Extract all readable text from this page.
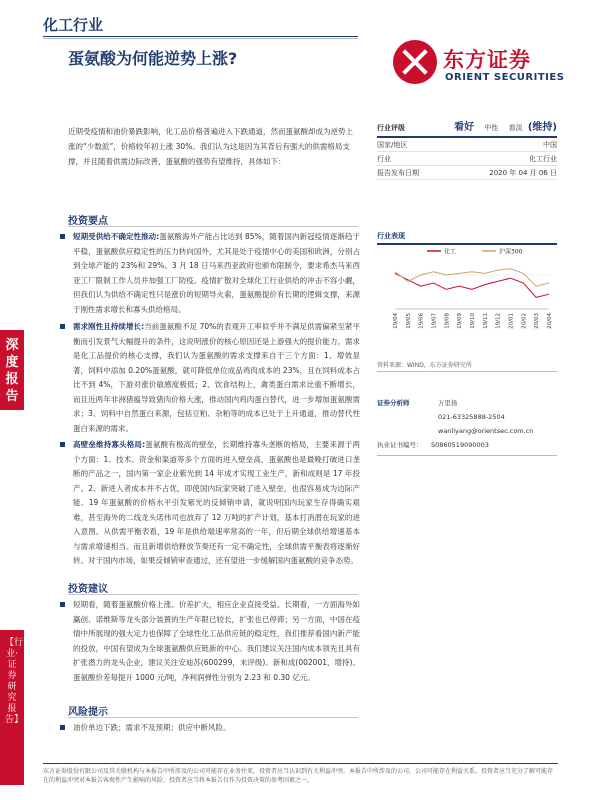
化工行业
蛋氨酸为何能逆势上涨?	东方证券
ORIENT SECURITIES
深度报告
【行业·证券研究报告】
近期受疫情和油价暴跌影响，化工品价格普遍进入下跌通道，然而蛋氨酸却成为逆势上涨的“少数派”，价格较年初上涨 30%。我们认为这是因为其背后有强大的供需格局支撑，并且随着供需边际改善，蛋氨酸的强势有望维持，具体如下：
投资要点
短期受供给不确定性推动:蛋氨酸海外产能占比达到 85%，随着国内新冠疫情逐渐趋于平稳，蛋氨酸供应稳定性的压力转向国外，尤其是处于疫情中心的美国和欧洲，分别占到全球产能的 23%和 29%。3 月 18 日马来西亚政府也颁布限制令，要求希杰马来西亚工厂限制工作人员并加强工厂防疫。疫情扩散对全球化工行业供给的冲击不容小觑，但我们认为供给不确定性只是涨价的短期导火索，蛋氨酸提价有长期的逻辑支撑，来源于刚性需求增长和寡头供给格局。
需求刚性且持续增长:当前蛋氨酸不足 70%的表观开工率似乎并不满足供需偏紧至紧平衡而引发景气大幅提升的条件，这说明涨价的核心原因还是上游强大的提价能力。需求是化工品提价的核心支撑，我们认为蛋氨酸的需求支撑来自于三个方面：1、增效显著，饲料中添加 0.20%蛋氨酸，就可降低单位成品鸡肉成本的 23%，且在饲料成本占比不到 4%，下游对涨价敏感度极低；2、饮食结构上，禽类蛋白需求比重不断增长，而且近两年非洲猪瘟导致猪肉价格大涨，推动国内鸡肉蛋白替代，进一步增加蛋氨酸需求；3、饲料中自然蛋白来源，包括豆粕、杂粕等的成本已处于上升通道，推动替代性蛋白来源的需求。
高壁垒维持寡头格局:蛋氨酸有极高的壁垒，长期维持寡头垄断的格局，主要来源于两个方面：1、技术、资金和渠道等多个方面的进入壁垒高，蛋氨酸也是最晚打破进口垄断的产品之一，国内第一家企业紫光到 14 年成才实现工业生产，新和成则是 17 年投产。2、新进入者成本并不占优，即使国内玩家突破了进入壁垒，也很容易成为边际产能。19 年蛋氨酸的价格水平引发紫光的反倾销申请，就说明国内玩家生存得确实艰难，甚至海外的二线龙头诺伟司也放弃了 12 万吨的扩产计划，基本打消潜在玩家的进入意图。从供需平衡表看，19 年是供给端速率常高的一年，但后期全球供给增速基本与需求增速相当。而且新增供给释放节奏还有一定不确定性，全球供需平衡表将逐渐好转。对于国内市场，如果反倾销审查通过，还有望进一步缓解国内蛋氨酸的竞争态势。
投资建议
短期看，随着蛋氨酸价格上涨、价差扩大，相应企业直接受益。长期看，一方面海外如赢创、诺维斯等龙头部分装置的生产年限已较长，扩张也已停滞；另一方面，中国在疫情中所展现的强大定力也保障了全球性化工品供应链的稳定性，我们推荐看国内新产能的投放，中国有望成为全球蛋氨酸供应链新的中心。我们建议关注国内成本领先且具有扩张潜力的龙头企业，建议关注安迪苏(600299，未评级)、新和成(002001，增持)。蛋氨酸价差每提升 1000 元/吨，净利润弹性分别为 2.23 和 0.30 亿元。
风险提示
油价单边下跌；需求不及预期；供应中断风险。
行业评级	看好 中性 看淡 (维持)
国家/地区	中国
行业	化工行业
报告发布日期	2020 年 04 月 06 日
行业表现
化工	沪深300
19/04 19/05 19/06 19/07 19/08 19/09 19/10 19/11 19/12 20/01 20/02 20/03 20/04
资料来源：WIND，东方证券研究所
证券分析师	万里扬
021-63325888-2504
wanliyang@orientsec.com.cn
执业证书编号： S0860519090003
东方证券股份有限公司及其关联机构与本报告中所涉及的公司可能存在业务往来，投资者应当认识到有关利益冲突。本报告中所涉及的公司，公司可能存在利益关系，投资者应当充分了解可能存在的利益冲突对本报告客观性产生影响的风险，投资者应当将本报告仅作为投资决策的参考因素之一。
